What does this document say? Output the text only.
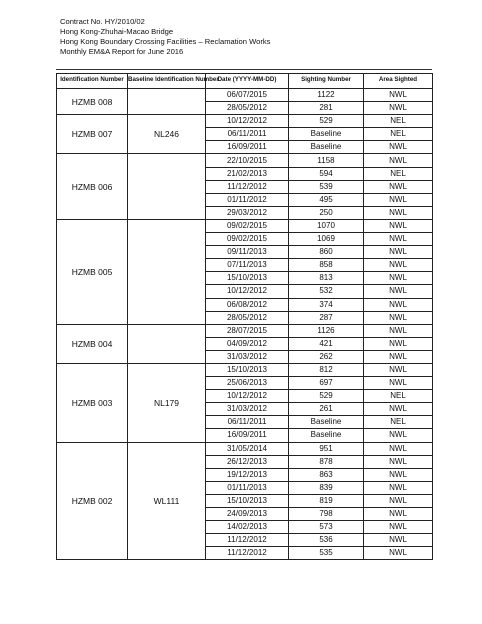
Contract No. HY/2010/02
Hong Kong-Zhuhai-Macao Bridge
Hong Kong Boundary Crossing Facilities – Reclamation Works
Monthly EM&A Report for June 2016
Identification Number	Baseline Identification Number	Date (YYYY-MM-DD)	Sighting Number	Area Sighted
HZMB 008		06/07/2015	1122	NWL
		28/05/2012	281	NWL
HZMB 007	NL246	10/12/2012	529	NEL
		06/11/2011	Baseline	NEL
		16/09/2011	Baseline	NWL
HZMB 006		22/10/2015	1158	NWL
		21/02/2013	594	NEL
		11/12/2012	539	NWL
		01/11/2012	495	NWL
		29/03/2012	250	NWL
HZMB 005		09/02/2015	1070	NWL
		09/02/2015	1069	NWL
		09/11/2013	860	NWL
		07/11/2013	858	NWL
		15/10/2013	813	NWL
		10/12/2012	532	NWL
		06/08/2012	374	NWL
		28/05/2012	287	NWL
HZMB 004		28/07/2015	1126	NWL
		04/09/2012	421	NWL
		31/03/2012	262	NWL
HZMB 003	NL179	15/10/2013	812	NWL
		25/06/2013	697	NWL
		10/12/2012	529	NEL
		31/03/2012	261	NWL
		06/11/2011	Baseline	NEL
		16/09/2011	Baseline	NWL
HZMB 002	WL111	31/05/2014	951	NWL
		26/12/2013	878	NWL
		19/12/2013	863	NWL
		01/11/2013	839	NWL
		15/10/2013	819	NWL
		24/09/2013	798	NWL
		14/02/2013	573	NWL
		11/12/2012	536	NWL
		11/12/2012	535	NWL
